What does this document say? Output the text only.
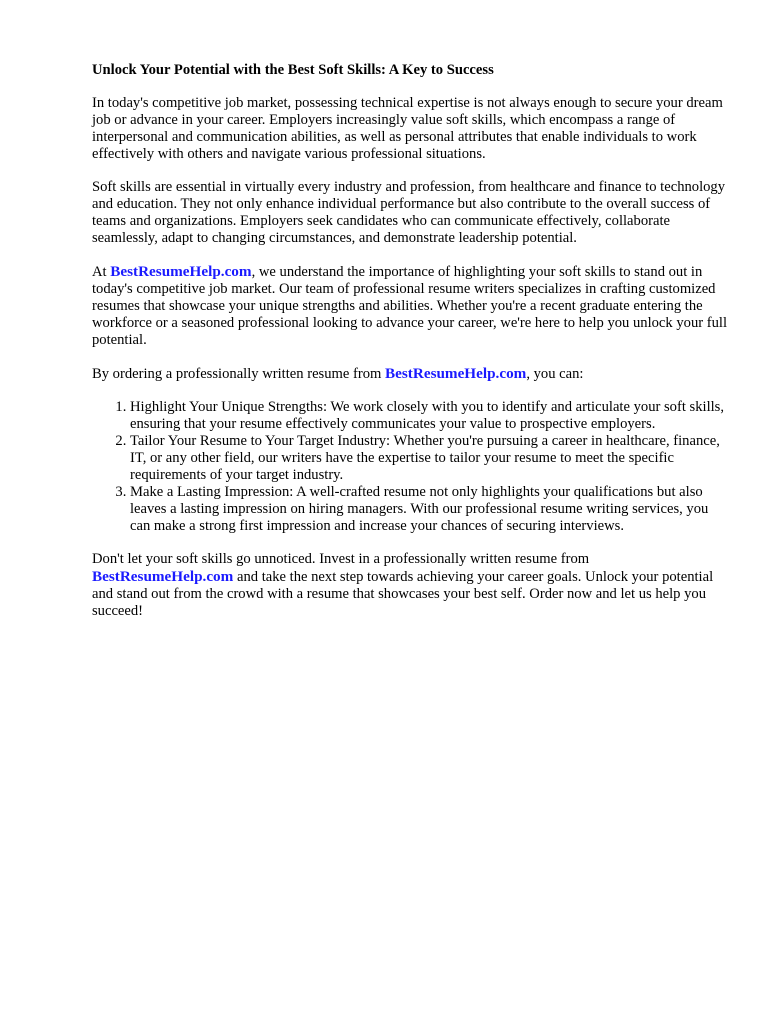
Unlock Your Potential with the Best Soft Skills: A Key to Success

In today's competitive job market, possessing technical expertise is not always enough to secure your dream job or advance in your career. Employers increasingly value soft skills, which encompass a range of interpersonal and communication abilities, as well as personal attributes that enable individuals to work effectively with others and navigate various professional situations.

Soft skills are essential in virtually every industry and profession, from healthcare and finance to technology and education. They not only enhance individual performance but also contribute to the overall success of teams and organizations. Employers seek candidates who can communicate effectively, collaborate seamlessly, adapt to changing circumstances, and demonstrate leadership potential.

At BestResumeHelp.com, we understand the importance of highlighting your soft skills to stand out in today's competitive job market. Our team of professional resume writers specializes in crafting customized resumes that showcase your unique strengths and abilities. Whether you're a recent graduate entering the workforce or a seasoned professional looking to advance your career, we're here to help you unlock your full potential.

By ordering a professionally written resume from BestResumeHelp.com, you can:

1. Highlight Your Unique Strengths: We work closely with you to identify and articulate your soft skills, ensuring that your resume effectively communicates your value to prospective employers.
2. Tailor Your Resume to Your Target Industry: Whether you're pursuing a career in healthcare, finance, IT, or any other field, our writers have the expertise to tailor your resume to meet the specific requirements of your target industry.
3. Make a Lasting Impression: A well-crafted resume not only highlights your qualifications but also leaves a lasting impression on hiring managers. With our professional resume writing services, you can make a strong first impression and increase your chances of securing interviews.

Don't let your soft skills go unnoticed. Invest in a professionally written resume from BestResumeHelp.com and take the next step towards achieving your career goals. Unlock your potential and stand out from the crowd with a resume that showcases your best self. Order now and let us help you succeed!
